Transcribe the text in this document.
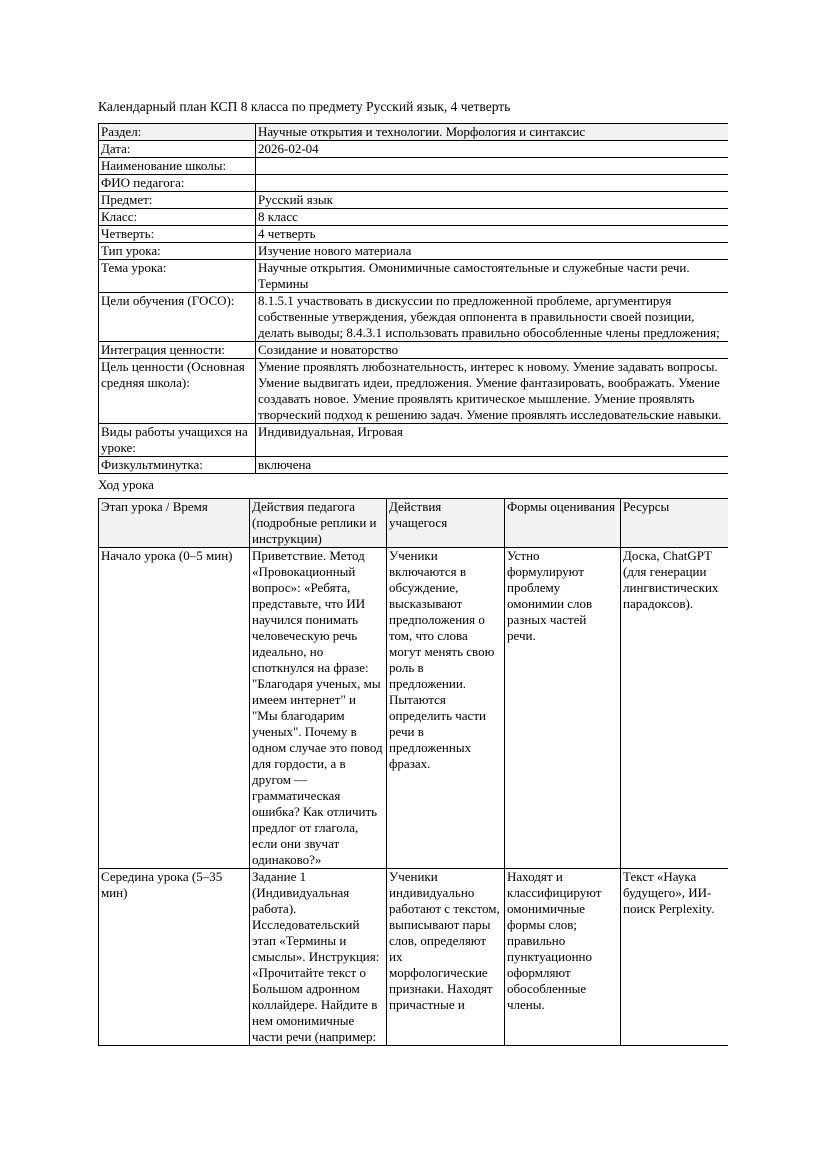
Календарный план КСП 8 класса по предмету Русский язык, 4 четверть

Раздел:	Научные открытия и технологии. Морфология и синтаксис
Дата:	2026-02-04
Наименование школы:	
ФИО педагога:	
Предмет:	Русский язык
Класс:	8 класс
Четверть:	4 четверть
Тип урока:	Изучение нового материала
Тема урока:	Научные открытия. Омонимичные самостоятельные и служебные части речи. Термины
Цели обучения (ГОСО):	8.1.5.1 участвовать в дискуссии по предложенной проблеме, аргументируя собственные утверждения, убеждая оппонента в правильности своей позиции, делать выводы; 8.4.3.1 использовать правильно обособленные члены предложения;
Интеграция ценности:	Созидание и новаторство
Цель ценности (Основная средняя школа):	Умение проявлять любознательность, интерес к новому. Умение задавать вопросы. Умение выдвигать идеи, предложения. Умение фантазировать, воображать. Умение создавать новое. Умение проявлять критическое мышление. Умение проявлять творческий подход к решению задач. Умение проявлять исследовательские навыки.
Виды работы учащихся на уроке:	Индивидуальная, Игровая
Физкультминутка:	включена

Ход урока

Этап урока / Время	Действия педагога (подробные реплики и инструкции)	Действия учащегося	Формы оценивания	Ресурсы
Начало урока (0–5 мин)	Приветствие. Метод «Провокационный вопрос»: «Ребята, представьте, что ИИ научился понимать человеческую речь идеально, но споткнулся на фразе: "Благодаря ученых, мы имеем интернет" и "Мы благодарим ученых". Почему в одном случае это повод для гордости, а в другом — грамматическая ошибка? Как отличить предлог от глагола, если они звучат одинаково?»	Ученики включаются в обсуждение, высказывают предположения о том, что слова могут менять свою роль в предложении. Пытаются определить части речи в предложенных фразах.	Устно формулируют проблему омонимии слов разных частей речи.	Доска, ChatGPT (для генерации лингвистических парадоксов).
Середина урока (5–35 мин)	Задание 1 (Индивидуальная работа). Исследовательский этап «Термины и смыслы». Инструкция: «Прочитайте текст о Большом адронном коллайдере. Найдите в нем омонимичные части речи (например:	Ученики индивидуально работают с текстом, выписывают пары слов, определяют их морфологические признаки. Находят причастные и	Находят и классифицируют омонимичные формы слов; правильно пунктуационно оформляют обособленные члены.	Текст «Наука будущего», ИИ-поиск Perplexity.
